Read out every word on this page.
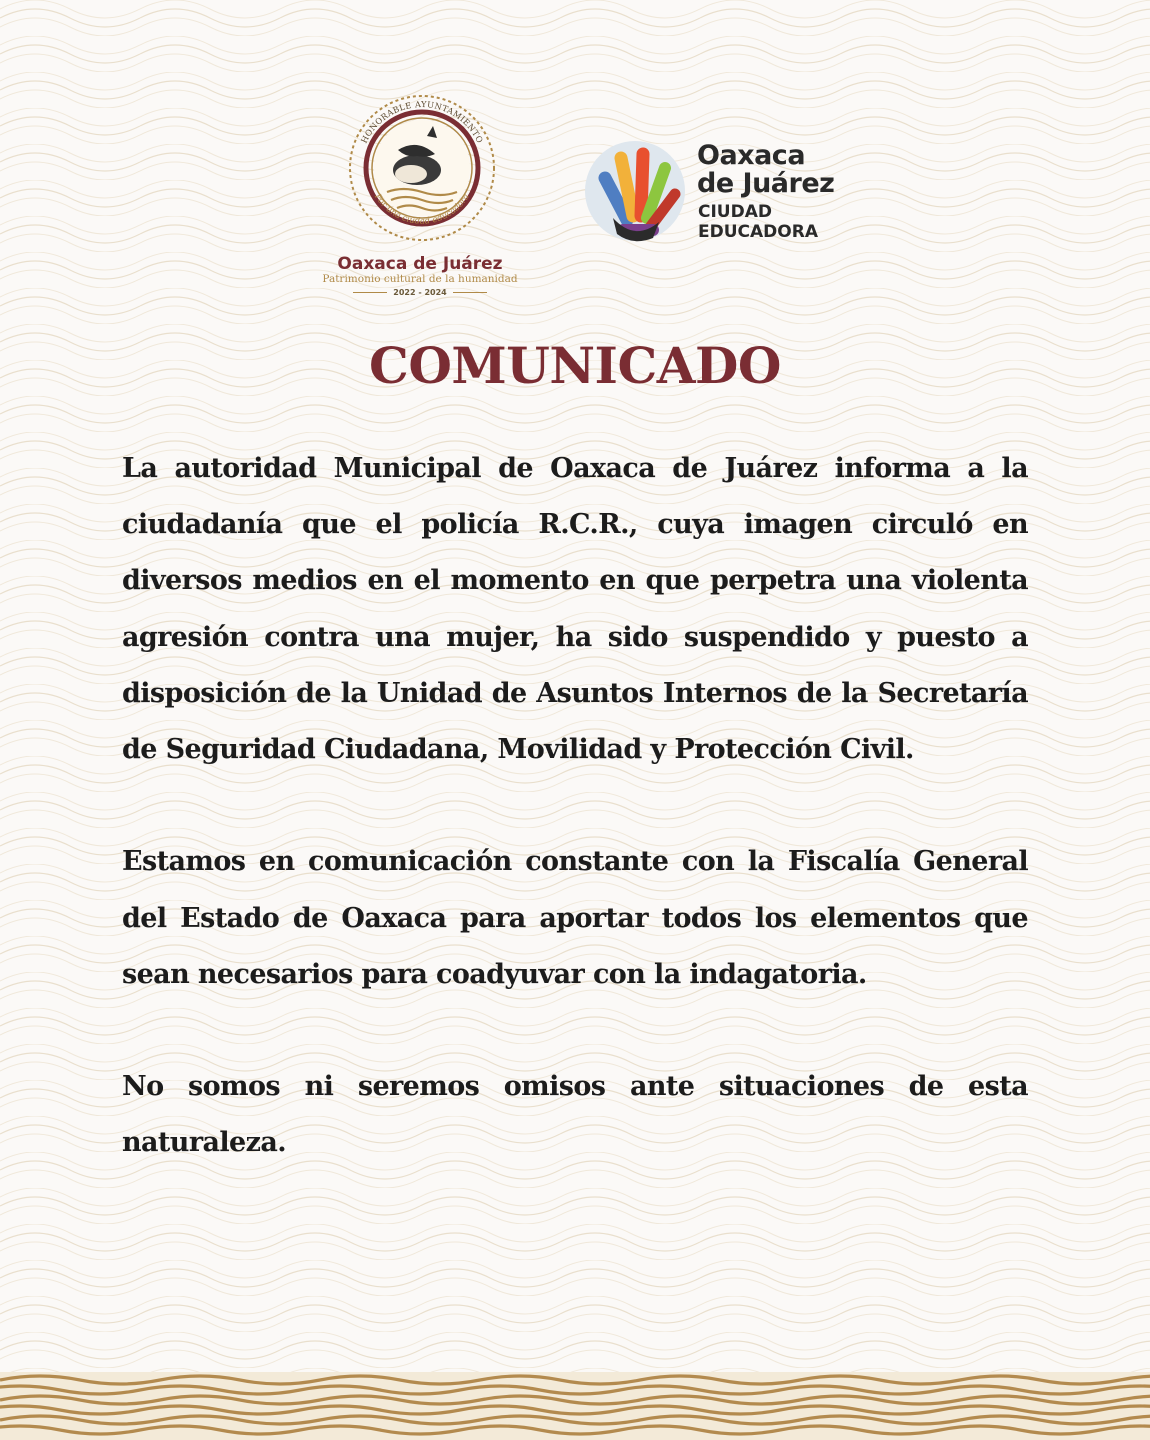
HONORABLE AYUNTAMIENTO
Por una ciudad educadora
Oaxaca de Juárez
Patrimonio cultural de la humanidad
2022 - 2024
Oaxaca
de Juárez
CIUDAD
EDUCADORA
COMUNICADO

La autoridad Municipal de Oaxaca de Juárez informa a la ciudadanía que el policía R.C.R., cuya imagen circuló en diversos medios en el momento en que perpetra una violenta agresión contra una mujer, ha sido suspendido y puesto a disposición de la Unidad de Asuntos Internos de la Secretaría de Seguridad Ciudadana, Movilidad y Protección Civil.

Estamos en comunicación constante con la Fiscalía General del Estado de Oaxaca para aportar todos los elementos que sean necesarios para coadyuvar con la indagatoria.

No somos ni seremos omisos ante situaciones de esta naturaleza.
